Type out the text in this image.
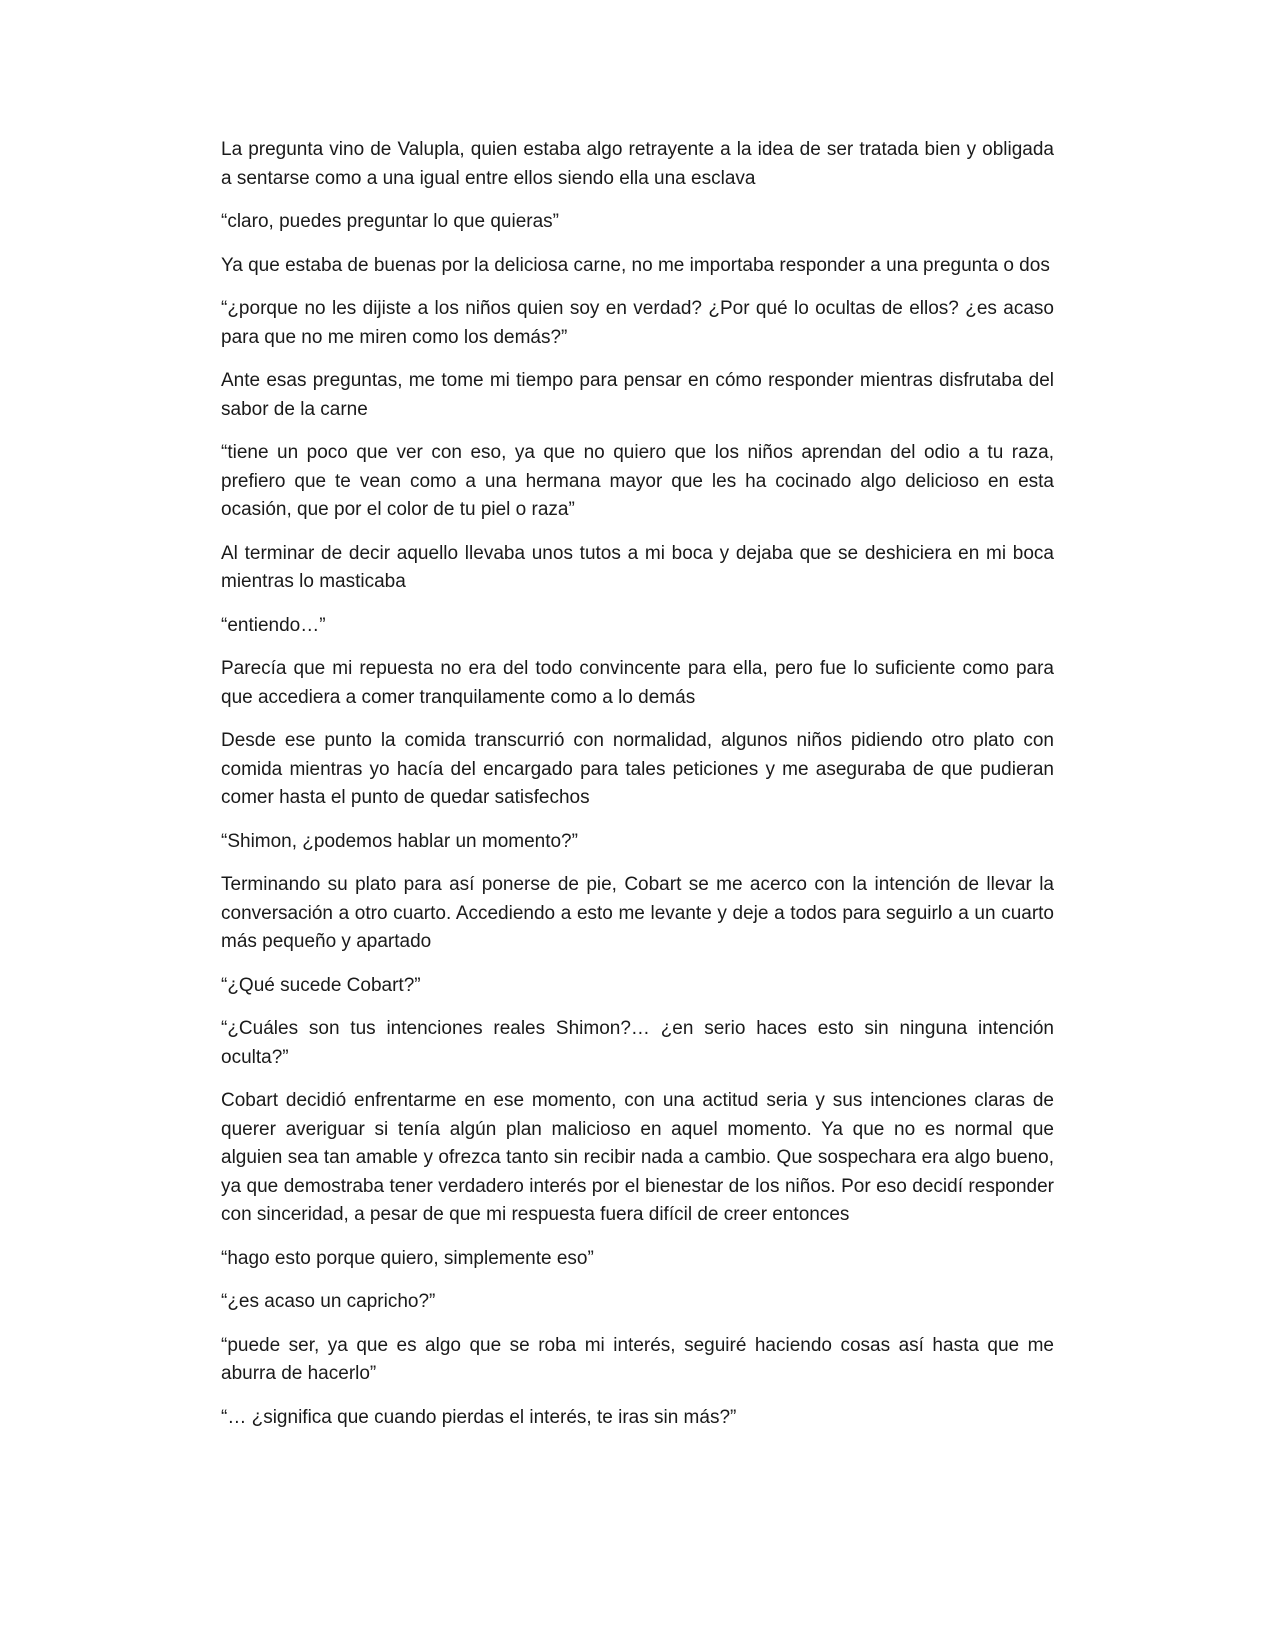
La pregunta vino de Valupla, quien estaba algo retrayente a la idea de ser tratada bien y obligada a sentarse como a una igual entre ellos siendo ella una esclava

“claro, puedes preguntar lo que quieras”

Ya que estaba de buenas por la deliciosa carne, no me importaba responder a una pregunta o dos

“¿porque no les dijiste a los niños quien soy en verdad? ¿Por qué lo ocultas de ellos? ¿es acaso para que no me miren como los demás?”

Ante esas preguntas, me tome mi tiempo para pensar en cómo responder mientras disfrutaba del sabor de la carne

“tiene un poco que ver con eso, ya que no quiero que los niños aprendan del odio a tu raza, prefiero que te vean como a una hermana mayor que les ha cocinado algo delicioso en esta ocasión, que por el color de tu piel o raza”

Al terminar de decir aquello llevaba unos tutos a mi boca y dejaba que se deshiciera en mi boca mientras lo masticaba

“entiendo…”

Parecía que mi repuesta no era del todo convincente para ella, pero fue lo suficiente como para que accediera a comer tranquilamente como a lo demás

Desde ese punto la comida transcurrió con normalidad, algunos niños pidiendo otro plato con comida mientras yo hacía del encargado para tales peticiones y me aseguraba de que pudieran comer hasta el punto de quedar satisfechos

“Shimon, ¿podemos hablar un momento?”

Terminando su plato para así ponerse de pie, Cobart se me acerco con la intención de llevar la conversación a otro cuarto. Accediendo a esto me levante y deje a todos para seguirlo a un cuarto más pequeño y apartado

“¿Qué sucede Cobart?”

“¿Cuáles son tus intenciones reales Shimon?… ¿en serio haces esto sin ninguna intención oculta?”

Cobart decidió enfrentarme en ese momento, con una actitud seria y sus intenciones claras de querer averiguar si tenía algún plan malicioso en aquel momento. Ya que no es normal que alguien sea tan amable y ofrezca tanto sin recibir nada a cambio. Que sospechara era algo bueno, ya que demostraba tener verdadero interés por el bienestar de los niños. Por eso decidí responder con sinceridad, a pesar de que mi respuesta fuera difícil de creer entonces

“hago esto porque quiero, simplemente eso”

“¿es acaso un capricho?”

“puede ser, ya que es algo que se roba mi interés, seguiré haciendo cosas así hasta que me aburra de hacerlo”

“… ¿significa que cuando pierdas el interés, te iras sin más?”
